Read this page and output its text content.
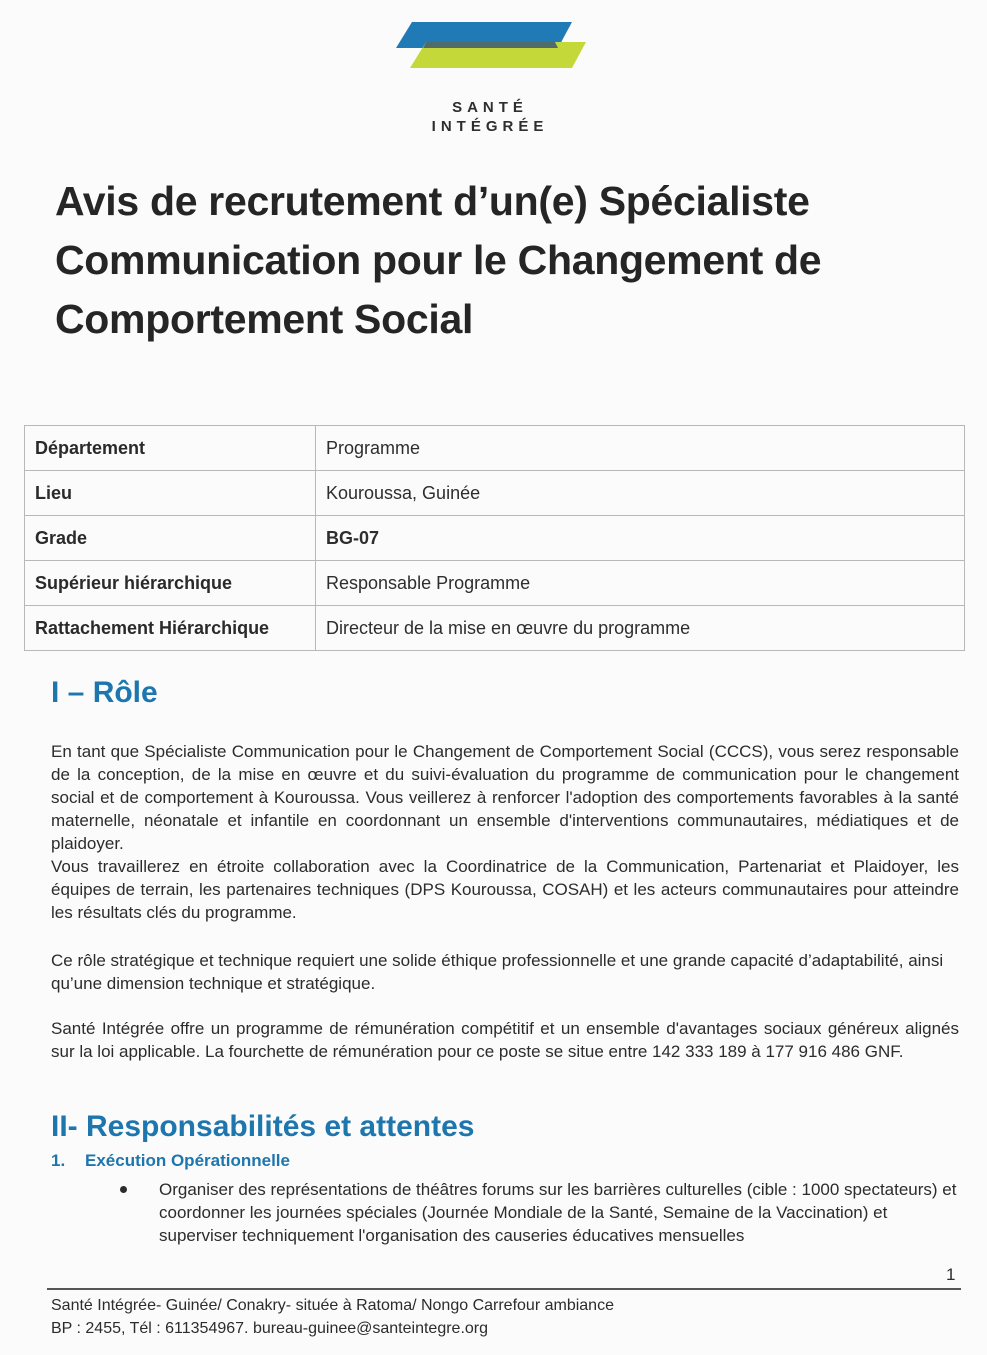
SANTÉ
INTÉGRÉE
Avis de recrutement d’un(e) Spécialiste Communication pour le Changement de Comportement Social
Département	Programme
Lieu	Kouroussa, Guinée
Grade	BG-07
Supérieur hiérarchique	Responsable Programme
Rattachement Hiérarchique	Directeur de la mise en œuvre du programme
I – Rôle

En tant que Spécialiste Communication pour le Changement de Comportement Social (CCCS), vous serez responsable de la conception, de la mise en œuvre et du suivi-évaluation du programme de communication pour le changement social et de comportement à Kouroussa. Vous veillerez à renforcer l'adoption des comportements favorables à la santé maternelle, néonatale et infantile en coordonnant un ensemble d'interventions communautaires, médiatiques et de plaidoyer.

Vous travaillerez en étroite collaboration avec la Coordinatrice de la Communication, Partenariat et Plaidoyer, les équipes de terrain, les partenaires techniques (DPS Kouroussa, COSAH) et les acteurs communautaires pour atteindre les résultats clés du programme.

Ce rôle stratégique et technique requiert une solide éthique professionnelle et une grande capacité d’adaptabilité, ainsi qu’une dimension technique et stratégique.

Santé Intégrée offre un programme de rémunération compétitif et un ensemble d'avantages sociaux généreux alignés sur la loi applicable. La fourchette de rémunération pour ce poste se situe entre 142 333 189 à 177 916 486 GNF.

II- Responsabilités et attentes
1. Exécution Opérationnelle
Organiser des représentations de théâtres forums sur les barrières culturelles (cible : 1000 spectateurs) et coordonner les journées spéciales (Journée Mondiale de la Santé, Semaine de la Vaccination) et superviser techniquement l'organisation des causeries éducatives mensuelles
1
Santé Intégrée- Guinée/ Conakry- située à Ratoma/ Nongo Carrefour ambiance
BP : 2455, Tél : 611354967. bureau-guinee@santeintegre.org
